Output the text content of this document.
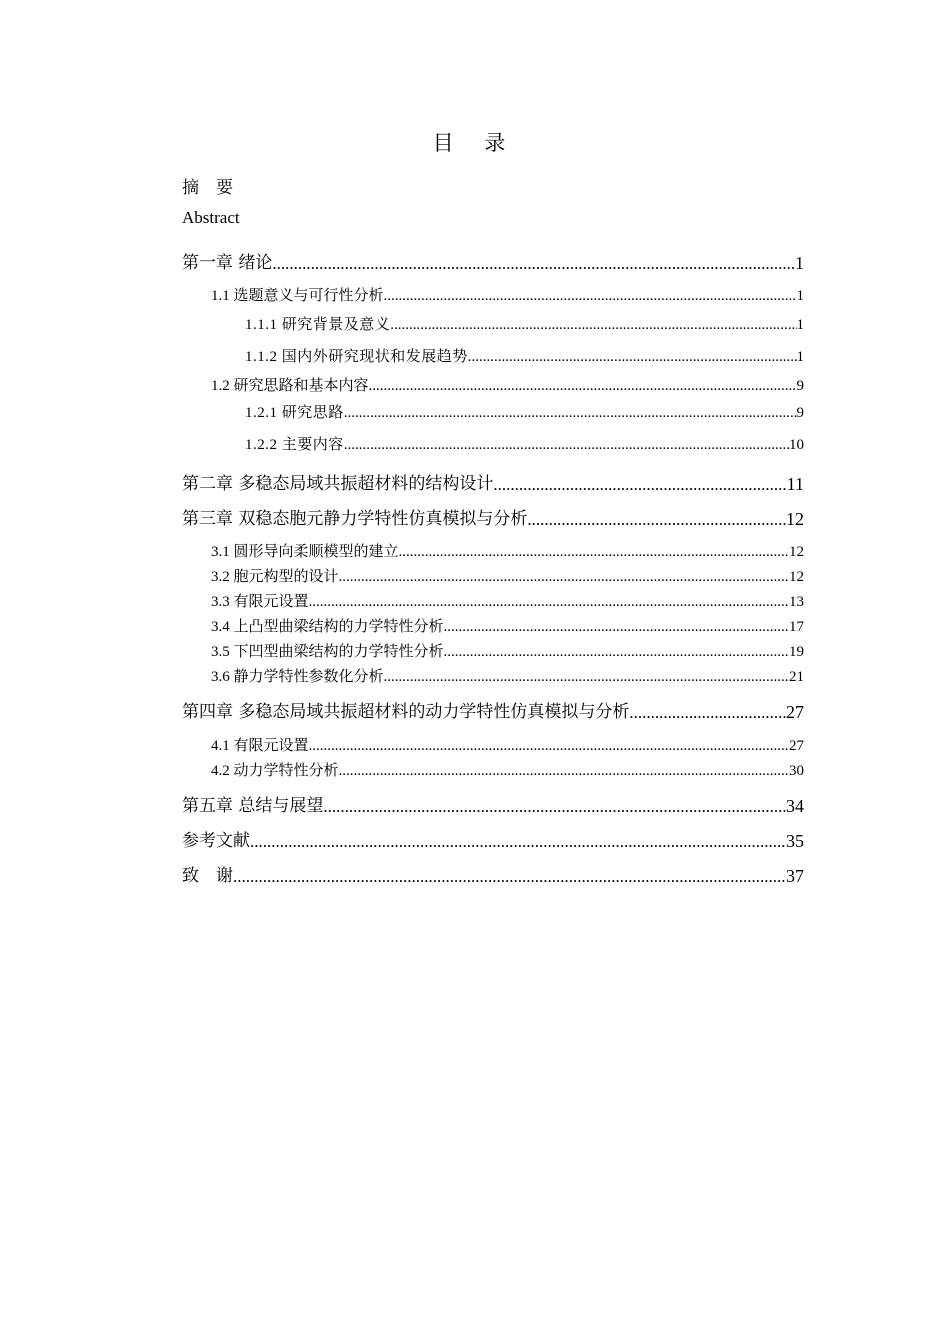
目 录
摘　要
Abstract
第一章 绪论 .....	1
1.1 选题意义与可行性分析 .....	1
1.1.1 研究背景及意义 .....	1
1.1.2 国内外研究现状和发展趋势 .....	1
1.2 研究思路和基本内容 .....	9
1.2.1 研究思路 .....	9
1.2.2 主要内容 .....	10
第二章 多稳态局域共振超材料的结构设计 .....	11
第三章 双稳态胞元静力学特性仿真模拟与分析 .....	12
3.1 圆形导向柔顺模型的建立 .....	12
3.2 胞元构型的设计 .....	12
3.3 有限元设置 .....	13
3.4 上凸型曲梁结构的力学特性分析 .....	17
3.5 下凹型曲梁结构的力学特性分析 .....	19
3.6 静力学特性参数化分析 .....	21
第四章 多稳态局域共振超材料的动力学特性仿真模拟与分析 .....	27
4.1 有限元设置 .....	27
4.2 动力学特性分析 .....	30
第五章 总结与展望 .....	34
参考文献 .....	35
致　谢 .....	37
